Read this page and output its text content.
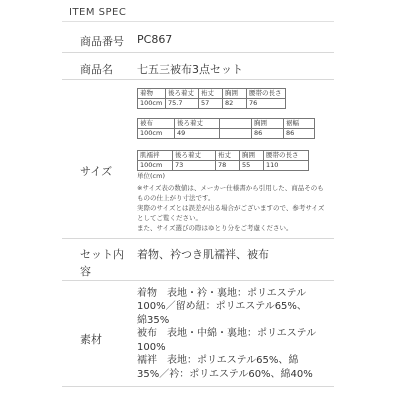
ITEM SPEC
商品番号 PC867
商品名 七五三被布3点セット
サイズ
着物	後ろ着丈	裄丈	胸囲	腰帯の長さ
100cm	75.7	57	82	76
被布	後ろ着丈		胸囲	裾幅
100cm	49		86	86
肌襦袢	後ろ着丈	裄丈	胸囲	腰帯の長さ
100cm	73	78	55	110
単位(cm)
※サイズ表の数値は、メーカー仕様書から引用した、商品そのも
ものの仕上がり寸法です。
実際のサイズとは誤差が出る場合がございますので、参考サイズ
としてご覧ください。
また、サイズ選びの際はゆとり分をご考慮ください。
セット内
容
着物、衿つき肌襦袢、被布
素材
着物　表地・衿・裏地：ポリエステル
100%／留め紐：ポリエステル65%、
綿35%
被布　表地・中綿・裏地：ポリエステル
100%
襦袢　表地：ポリエステル65%、綿
35%／衿：ポリエステル60%、綿40%
